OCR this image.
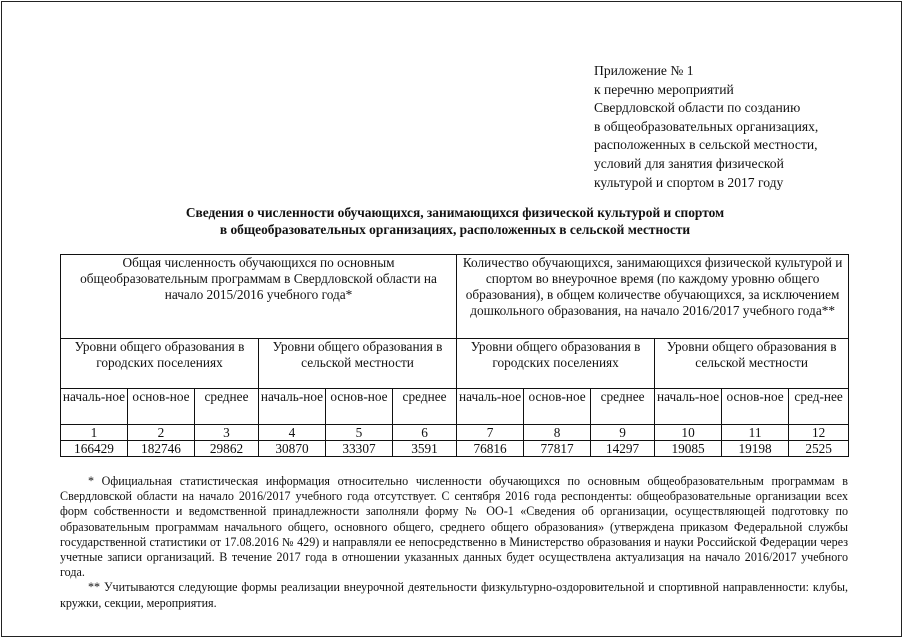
Приложение № 1
к перечню мероприятий
Свердловской области по созданию
в общеобразовательных организациях,
расположенных в сельской местности,
условий для занятия физической
культурой и спортом в 2017 году
Сведения о численности обучающихся, занимающихся физической культурой и спортом
в общеобразовательных организациях, расположенных в сельской местности
Общая численность обучающихся по основным общеобразовательным программам в Свердловской области на начало 2015/2016 учебного года*						Количество обучающихся, занимающихся физической культурой и спортом во внеурочное время (по каждому уровню общего образования), в общем количестве обучающихся, за исключением дошкольного образования, на начало 2016/2017 учебного года**					
Уровни общего образования в городских поселениях			Уровни общего образования в сельской местности			Уровни общего образования в городских поселениях			Уровни общего образования в сельской местности		
началь-ное	основ-ное	среднее	началь-ное	основ-ное	среднее	началь-ное	основ-ное	среднее	началь-ное	основ-ное	сред-нее
1	2	3	4	5	6	7	8	9	10	11	12
166429	182746	29862	30870	33307	3591	76816	77817	14297	19085	19198	2525

* Официальная статистическая информация относительно численности обучающихся по основным общеобразовательным программам в Свердловской области на начало 2016/2017 учебного года отсутствует. С сентября 2016 года респонденты: общеобразовательные организации всех форм собственности и ведомственной принадлежности заполняли форму № ОО-1 «Сведения об организации, осуществляющей подготовку по образовательным программам начального общего, основного общего, среднего общего образования» (утверждена приказом Федеральной службы государственной статистики от 17.08.2016 № 429) и направляли ее непосредственно в Министерство образования и науки Российской Федерации через учетные записи организаций. В течение 2017 года в отношении указанных данных будет осуществлена актуализация на начало 2016/2017 учебного года.

** Учитываются следующие формы реализации внеурочной деятельности физкультурно-оздоровительной и спортивной направленности: клубы, кружки, секции, мероприятия.
